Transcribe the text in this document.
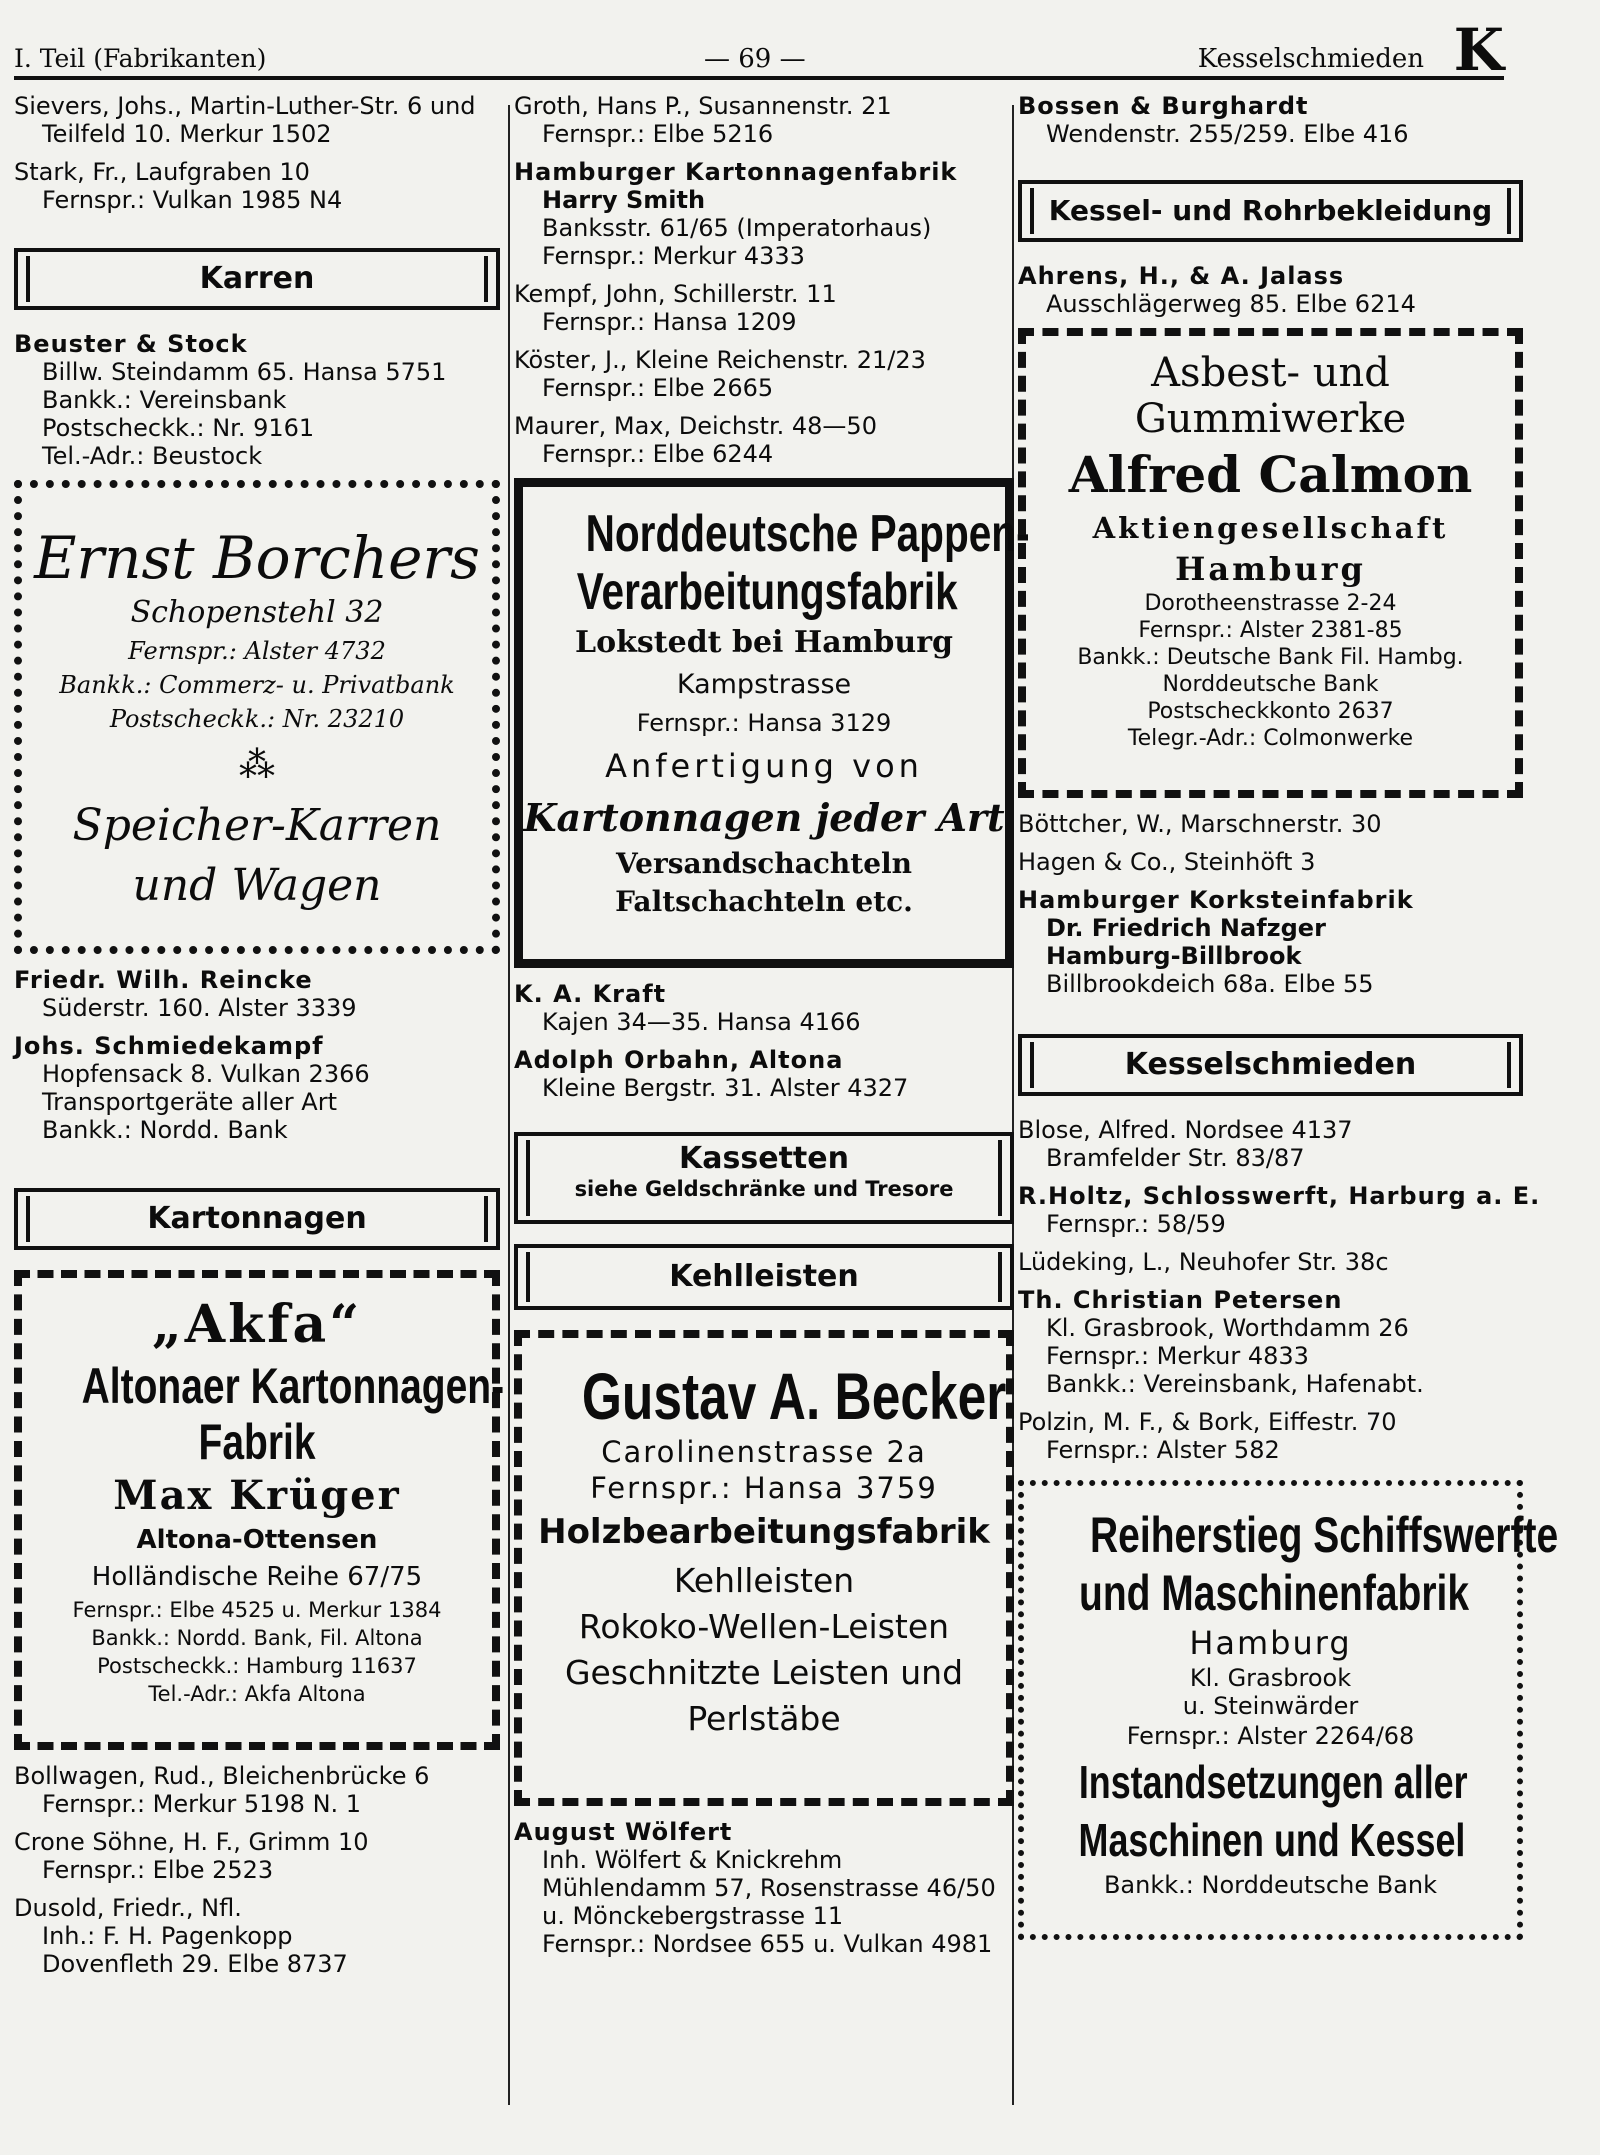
I. Teil (Fabrikanten)	— 69 —	Kesselschmieden K
Sievers, Johs., Martin-Luther-Str. 6 und
Teilfeld 10. Merkur 1502
Stark, Fr., Laufgraben 10
Fernspr.: Vulkan 1985 N4
Karren
Beuster & Stock
Billw. Steindamm 65. Hansa 5751
Bankk.: Vereinsbank
Postscheckk.: Nr. 9161
Tel.-Adr.: Beustock
Ernst Borchers
Schopenstehl 32
Fernspr.: Alster 4732
Bankk.: Commerz- u. Privatbank
Postscheckk.: Nr. 23210
⁂
Speicher-Karren
und Wagen
Friedr. Wilh. Reincke
Süderstr. 160. Alster 3339
Johs. Schmiedekampf
Hopfensack 8. Vulkan 2366
Transportgeräte aller Art
Bankk.: Nordd. Bank
Kartonnagen
„Akfa“
Altonaer Kartonnagen-
Fabrik
Max Krüger
Altona-Ottensen
Holländische Reihe 67/75
Fernspr.: Elbe 4525 u. Merkur 1384
Bankk.: Nordd. Bank, Fil. Altona
Postscheckk.: Hamburg 11637
Tel.-Adr.: Akfa Altona
Bollwagen, Rud., Bleichenbrücke 6
Fernspr.: Merkur 5198 N. 1
Crone Söhne, H. F., Grimm 10
Fernspr.: Elbe 2523
Dusold, Friedr., Nfl.
Inh.: F. H. Pagenkopp
Dovenfleth 29. Elbe 8737
Groth, Hans P., Susannenstr. 21
Fernspr.: Elbe 5216
Hamburger Kartonnagenfabrik
Harry Smith
Banksstr. 61/65 (Imperatorhaus)
Fernspr.: Merkur 4333
Kempf, John, Schillerstr. 11
Fernspr.: Hansa 1209
Köster, J., Kleine Reichenstr. 21/23
Fernspr.: Elbe 2665
Maurer, Max, Deichstr. 48—50
Fernspr.: Elbe 6244
Norddeutsche Pappen-
Verarbeitungsfabrik
Lokstedt bei Hamburg
Kampstrasse
Fernspr.: Hansa 3129
Anfertigung von
Kartonnagen jeder Art
Versandschachteln
Faltschachteln etc.
K. A. Kraft
Kajen 34—35. Hansa 4166
Adolph Orbahn, Altona
Kleine Bergstr. 31. Alster 4327
Kassetten
siehe Geldschränke und Tresore
Kehlleisten
Gustav A. Becker
Carolinenstrasse 2a
Fernspr.: Hansa 3759
Holzbearbeitungsfabrik
Kehlleisten
Rokoko-Wellen-Leisten
Geschnitzte Leisten und
Perlstäbe
August Wölfert
Inh. Wölfert & Knickrehm
Mühlendamm 57, Rosenstrasse 46/50
u. Mönckebergstrasse 11
Fernspr.: Nordsee 655 u. Vulkan 4981
Bossen & Burghardt
Wendenstr. 255/259. Elbe 416
Kessel- und Rohrbekleidung
Ahrens, H., & A. Jalass
Ausschlägerweg 85. Elbe 6214
Asbest- und
Gummiwerke
Alfred Calmon
Aktiengesellschaft
Hamburg
Dorotheenstrasse 2-24
Fernspr.: Alster 2381-85
Bankk.: Deutsche Bank Fil. Hambg.
Norddeutsche Bank
Postscheckkonto 2637
Telegr.-Adr.: Colmonwerke
Böttcher, W., Marschnerstr. 30
Hagen & Co., Steinhöft 3
Hamburger Korksteinfabrik
Dr. Friedrich Nafzger
Hamburg-Billbrook
Billbrookdeich 68a. Elbe 55
Kesselschmieden
Blose, Alfred. Nordsee 4137
Bramfelder Str. 83/87
R.Holtz, Schlosswerft, Harburg a. E.
Fernspr.: 58/59
Lüdeking, L., Neuhofer Str. 38c
Th. Christian Petersen
Kl. Grasbrook, Worthdamm 26
Fernspr.: Merkur 4833
Bankk.: Vereinsbank, Hafenabt.
Polzin, M. F., & Bork, Eiffestr. 70
Fernspr.: Alster 582
Reiherstieg Schiffswerfte
und Maschinenfabrik
Hamburg
Kl. Grasbrook
u. Steinwärder
Fernspr.: Alster 2264/68
Instandsetzungen aller
Maschinen und Kessel
Bankk.: Norddeutsche Bank
